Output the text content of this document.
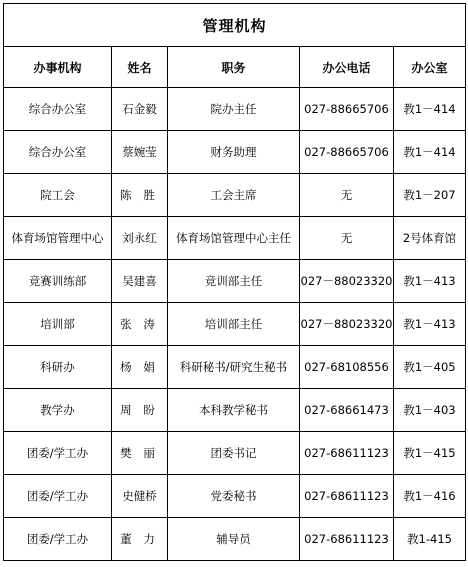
管理机构				
办事机构	姓名	职务	办公电话	办公室
综合办公室	石金毅	院办主任	027-88665706	教1－414
综合办公室	蔡婉莹	财务助理	027-88665706	教1－414
院工会	陈 胜	工会主席	无	教1－207
体育场馆管理中心	刘永红	体育场馆管理中心主任	无	2号体育馆
竞赛训练部	吴建喜	竞训部主任	027－88023320	教1－413
培训部	张 涛	培训部主任	027－88023320	教1－413
科研办	杨 娟	科研秘书/研究生秘书	027-68108556	教1－405
教学办	周 盼	本科教学秘书	027-68661473	教1－403
团委/学工办	樊 丽	团委书记	027-68611123	教1－415
团委/学工办	史健桥	党委秘书	027-68611123	教1－416
团委/学工办	董 力	辅导员	027-68611123	教1-415
